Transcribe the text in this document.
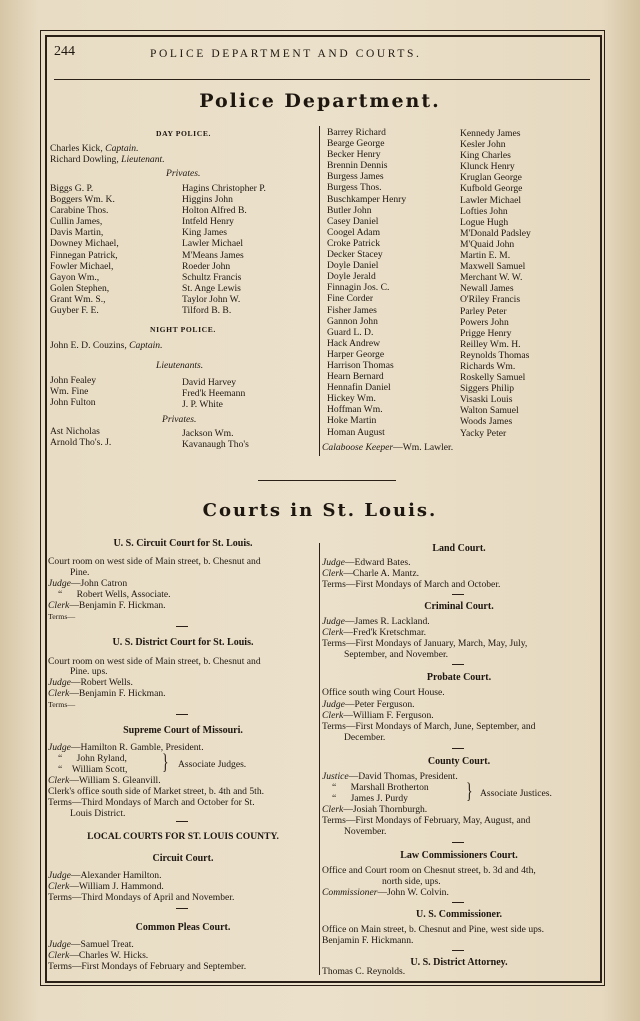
244	POLICE DEPARTMENT AND COURTS.
Police Department.
DAY POLICE.
Charles Kick, Captain.
Richard Dowling, Lieutenant.
Privates.
Biggs G. P.
Boggers Wm. K.
Carabine Thos.
Cullin James,
Davis Martin,
Downey Michael,
Finnegan Patrick,
Fowler Michael,
Gayon Wm.,
Golen Stephen,
Grant Wm. S.,
Guyber F. E.
Hagins Christopher P.
Higgins John
Holton Alfred B.
Intfeld Henry
King James
Lawler Michael
M'Means James
Roeder John
Schultz Francis
St. Ange Lewis
Taylor John W.
Tilford B. B.
NIGHT POLICE.
John E. D. Couzins, Captain.
Lieutenants.
John Fealey
Wm. Fine
John Fulton
David Harvey
Fred'k Heemann
J. P. White
Privates.
Ast Nicholas
Arnold Tho's. J.
Jackson Wm.
Kavanaugh Tho's
Barrey Richard
Bearge George
Becker Henry
Brennin Dennis
Burgess James
Burgess Thos.
Buschkamper Henry
Butler John
Casey Daniel
Coogel Adam
Croke Patrick
Decker Stacey
Doyle Daniel
Doyle Jerald
Finnagin Jos. C.
Fine Corder
Fisher James
Gannon John
Guard L. D.
Hack Andrew
Harper George
Harrison Thomas
Hearn Bernard
Hennafin Daniel
Hickey Wm.
Hoffman Wm.
Hoke Martin
Homan August
Kennedy James
Kesler John
King Charles
Klunck Henry
Kruglan George
Kufbold George
Lawler Michael
Lofties John
Logue Hugh
M'Donald Padsley
M'Quaid John
Martin E. M.
Maxwell Samuel
Merchant W. W.
Newall James
O'Riley Francis
Parley Peter
Powers John
Prigge Henry
Reilley Wm. H.
Reynolds Thomas
Richards Wm.
Roskelly Samuel
Siggers Philip
Visaski Louis
Walton Samuel
Woods James
Yacky Peter
Calaboose Keeper—Wm. Lawler.
Courts in St. Louis.
U. S. Circuit Court for St. Louis.
Court room on west side of Main street, b. Chesnut and
Pine.
Judge—John Catron
“ Robert Wells, Associate.
Clerk—Benjamin F. Hickman.
Terms—
U. S. District Court for St. Louis.
Court room on west side of Main street, b. Chesnut and
Pine. ups.
Judge—Robert Wells.
Clerk—Benjamin F. Hickman.
Terms—
Supreme Court of Missouri.
Judge—Hamilton R. Gamble, President.
“ John Ryland,
“ William Scott, } Associate Judges.
Clerk—William S. Gleanvill.
Clerk's office south side of Market street, b. 4th and 5th.
Terms—Third Mondays of March and October for St.
Louis District.
LOCAL COURTS FOR ST. LOUIS COUNTY.
Circuit Court.
Judge—Alexander Hamilton.
Clerk—William J. Hammond.
Terms—Third Mondays of April and November.
Common Pleas Court.
Judge—Samuel Treat.
Clerk—Charles W. Hicks.
Terms—First Mondays of February and September.
Land Court.
Judge—Edward Bates.
Clerk—Charle A. Mantz.
Terms—First Mondays of March and October.
Criminal Court.
Judge—James R. Lackland.
Clerk—Fred'k Kretschmar.
Terms—First Mondays of January, March, May, July,
September, and November.
Probate Court.
Office south wing Court House.
Judge—Peter Ferguson.
Clerk—William F. Ferguson.
Terms—First Mondays of March, June, September, and
December.
County Court.
Justice—David Thomas, President.
“ Marshall Brotherton
“ James J. Purdy	} Associate Justices.
Clerk—Josiah Thornburgh.
Terms—First Mondays of February, May, August, and
November.
Law Commissioners Court.
Office and Court room on Chesnut street, b. 3d and 4th,
north side, ups.
Commissioner—John W. Colvin.
U. S. Commissioner.
Office on Main street, b. Chesnut and Pine, west side ups.
Benjamin F. Hickmann.
U. S. District Attorney.
Thomas C. Reynolds.
